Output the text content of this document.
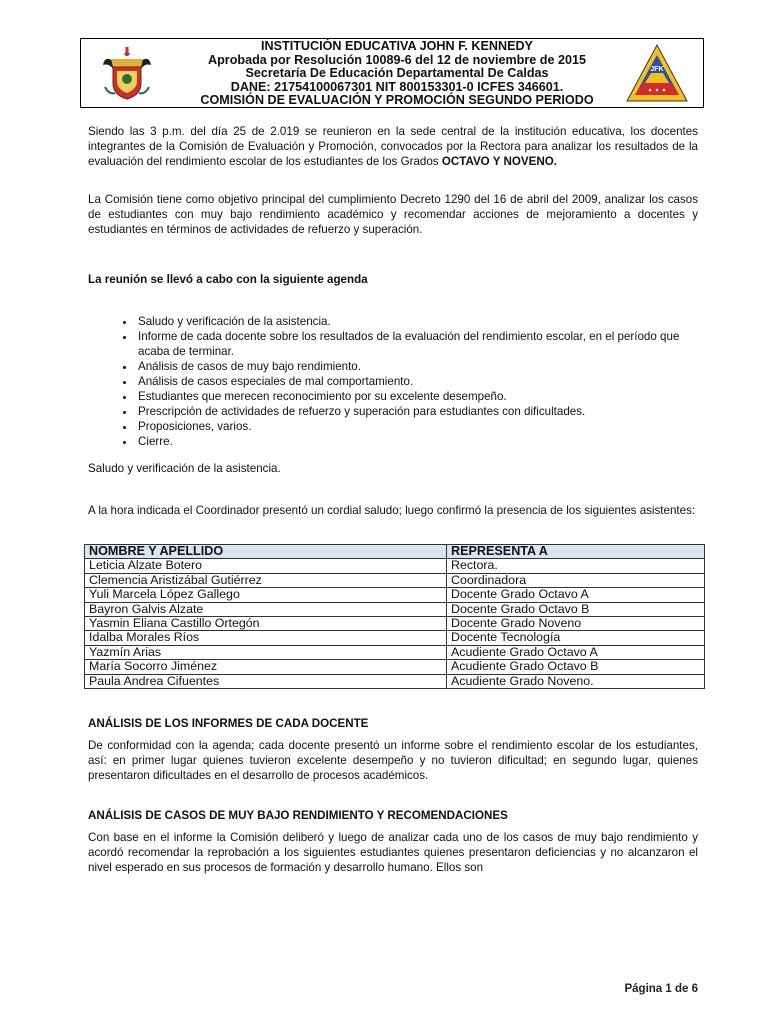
INSTITUCIÓN EDUCATIVA JOHN F. KENNEDY
Aprobada por Resolución 10089-6 del 12 de noviembre de 2015
Secretaría De Educación Departamental De Caldas
DANE: 21754100067301 NIT 800153301-0 ICFES 346601.
COMISIÓN DE EVALUACIÓN Y PROMOCIÓN SEGUNDO PERIODO
JFK

Siendo las 3 p.m. del día 25 de 2.019 se reunieron en la sede central de la institución educativa, los docentes integrantes de la Comisión de Evaluación y Promoción, convocados por la Rectora para analizar los resultados de la evaluación del rendimiento escolar de los estudiantes de los Grados OCTAVO Y NOVENO.

La Comisión tiene como objetivo principal del cumplimiento Decreto 1290 del 16 de abril del 2009, analizar los casos de estudiantes con muy bajo rendimiento académico y recomendar acciones de mejoramiento a docentes y estudiantes en términos de actividades de refuerzo y superación.

La reunión se llevó a cabo con la siguiente agenda

• Saludo y verificación de la asistencia.
• Informe de cada docente sobre los resultados de la evaluación del rendimiento escolar, en el período que acaba de terminar.
• Análisis de casos de muy bajo rendimiento.
• Análisis de casos especiales de mal comportamiento.
• Estudiantes que merecen reconocimiento por su excelente desempeño.
• Prescripción de actividades de refuerzo y superación para estudiantes con dificultades.
• Proposiciones, varios.
• Cierre.

Saludo y verificación de la asistencia.

A la hora indicada el Coordinador presentó un cordial saludo; luego confirmó la presencia de los siguientes asistentes:

NOMBRE Y APELLIDO	REPRESENTA A
Leticia Alzate Botero	Rectora.
Clemencia Aristizábal Gutiérrez	Coordinadora
Yuli Marcela López Gallego	Docente Grado Octavo A
Bayron Galvis Alzate	Docente Grado Octavo B
Yasmin Eliana Castillo Ortegón	Docente Grado Noveno
Idalba Morales Ríos	Docente Tecnología
Yazmín Arias	Acudiente Grado Octavo A
María Socorro Jiménez	Acudiente Grado Octavo B
Paula Andrea Cifuentes	Acudiente Grado Noveno.

ANÁLISIS DE LOS INFORMES DE CADA DOCENTE

De conformidad con la agenda; cada docente presentó un informe sobre el rendimiento escolar de los estudiantes, así: en primer lugar quienes tuvieron excelente desempeño y no tuvieron dificultad; en segundo lugar, quienes presentaron dificultades en el desarrollo de procesos académicos.

ANÁLISIS DE CASOS DE MUY BAJO RENDIMIENTO Y RECOMENDACIONES

Con base en el informe la Comisión deliberó y luego de analizar cada uno de los casos de muy bajo rendimiento y acordó recomendar la reprobación a los siguientes estudiantes quienes presentaron deficiencias y no alcanzaron el nivel esperado en sus procesos de formación y desarrollo humano. Ellos son

Página 1 de 6
